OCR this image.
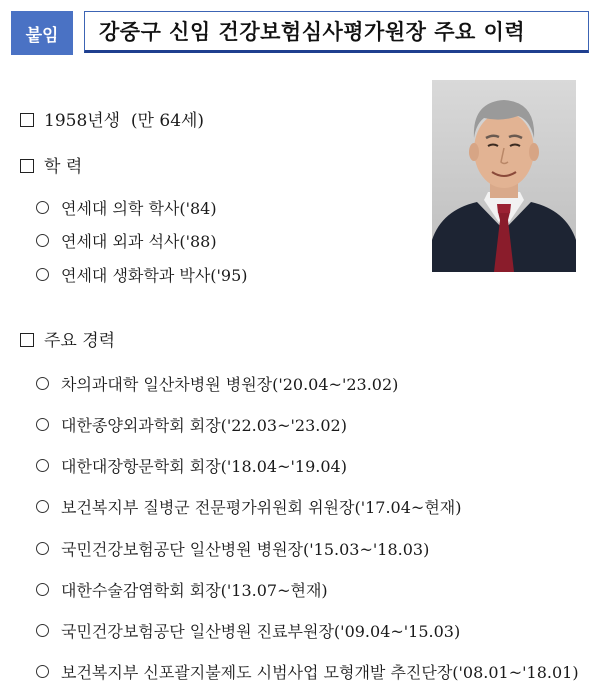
붙임	강중구 신임 건강보험심사평가원장 주요 이력
1958년생  (만 64세)
학 력
연세대 의학 학사('84)
연세대 외과 석사('88)
연세대 생화학과 박사('95)
주요 경력
차의과대학 일산차병원 병원장('20.04~'23.02)
대한종양외과학회 회장('22.03~'23.02)
대한대장항문학회 회장('18.04~'19.04)
보건복지부 질병군 전문평가위원회 위원장('17.04~현재)
국민건강보험공단 일산병원 병원장('15.03~'18.03)
대한수술감염학회 회장('13.07~현재)
국민건강보험공단 일산병원 진료부원장('09.04~'15.03)
보건복지부 신포괄지불제도 시범사업 모형개발 추진단장('08.01~'18.01)
